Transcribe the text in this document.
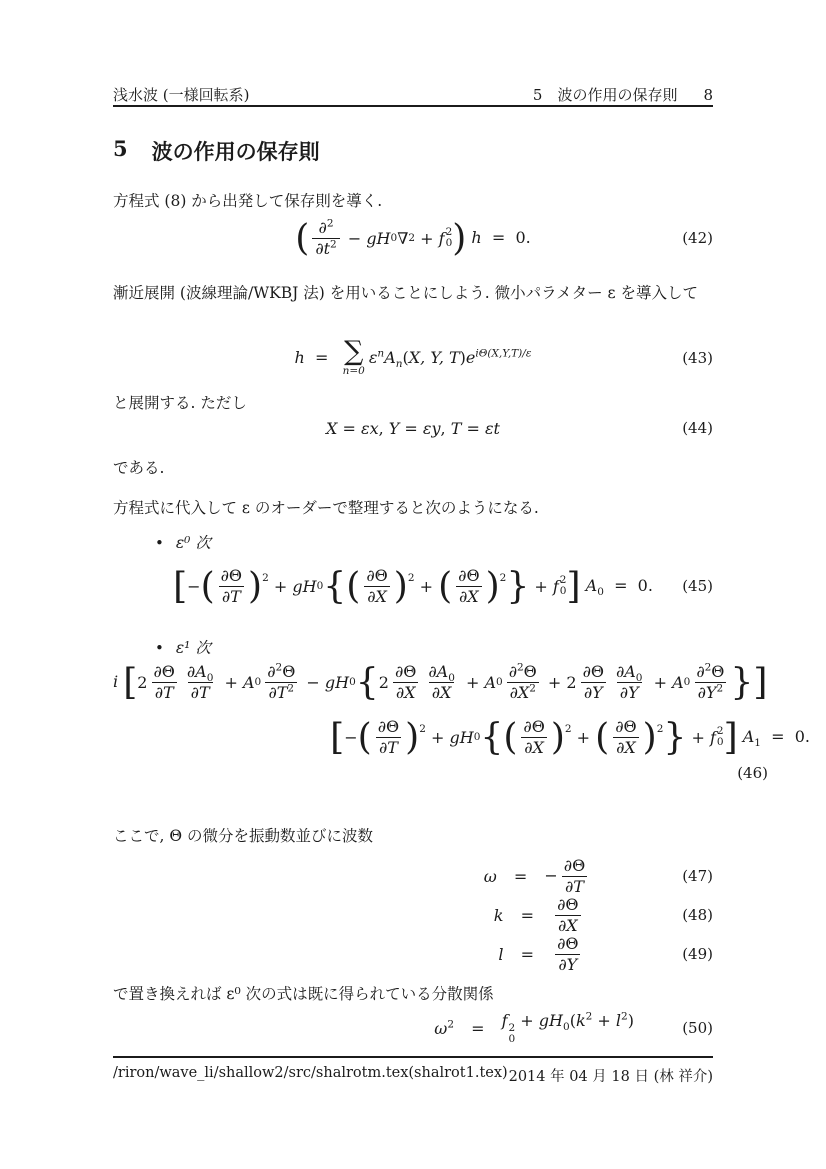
浅水波 (一様回転系)	5　波の作用の保存則 8
5 波の作用の保存則
方程式 (8) から出発して保存則を導く.
( ∂$^2$
$\partial t^2$ − gH 0 ∇ 2 + f 2
0 ) h  =  0.	(42)
漸近展開 (波線理論/WKBJ 法) を用いることにしよう. 微小パラメター ε を導入して
h  = ∑
n=0
$\varepsilon^nA_n(X$, Y, $T)e^{i\Theta(X,Y,T)/\varepsilon}$	(43)
と展開する. ただし
X = εx, Y = εy, T = εt	(44)
である.
方程式に代入して ε のオーダーで整理すると次のようになる.
• ε⁰ 次
[ − ( ∂Θ
∂T )$^2$ + gH 0 { ( ∂Θ
∂X )$^2$ + ( ∂Θ
∂X )$^2$ } + f 2
0 ] $A_0 = 0$. (45)
• ε¹ 次
i [ 2
∂Θ
∂T
$\partial A_0$
∂T
+ A 0
∂$^2$Θ
$\partial T^2$ − gH 0 { 2
∂Θ
∂X
$\partial A_0$
∂X
+ A 0
∂$^2$Θ
$\partial X^2 + 2$
∂Θ
∂Y
$\partial A_0$
∂Y
+ A 0
∂$^2$Θ
$\partial Y^2$ } ]
[ − ( ∂Θ
∂T )$^2$ + gH 0 { ( ∂Θ
∂X )$^2$ + ( ∂Θ
∂X )$^2$ } + f 2
0 ] $A_1 = 0$.
(46)
ここで, Θ の微分を振動数並びに波数
ω = − $\frac{\partial\Theta}{\partial T}$	(47)
$k = \frac{\partial\Theta}{\partial X}$	(48)
$l = \frac{\partial\Theta}{\partial Y}$	(49)
で置き換えれば ε⁰ 次の式は既に得られている分散関係
$\omega^2 = f$ 2
0
+ $gH_0(k^2 + l^2)$	(50)
/riron/wave_li/shallow2/src/shalrotm.tex(shalrot1.tex) 2014 年 04 月 18 日 (林 祥介)
